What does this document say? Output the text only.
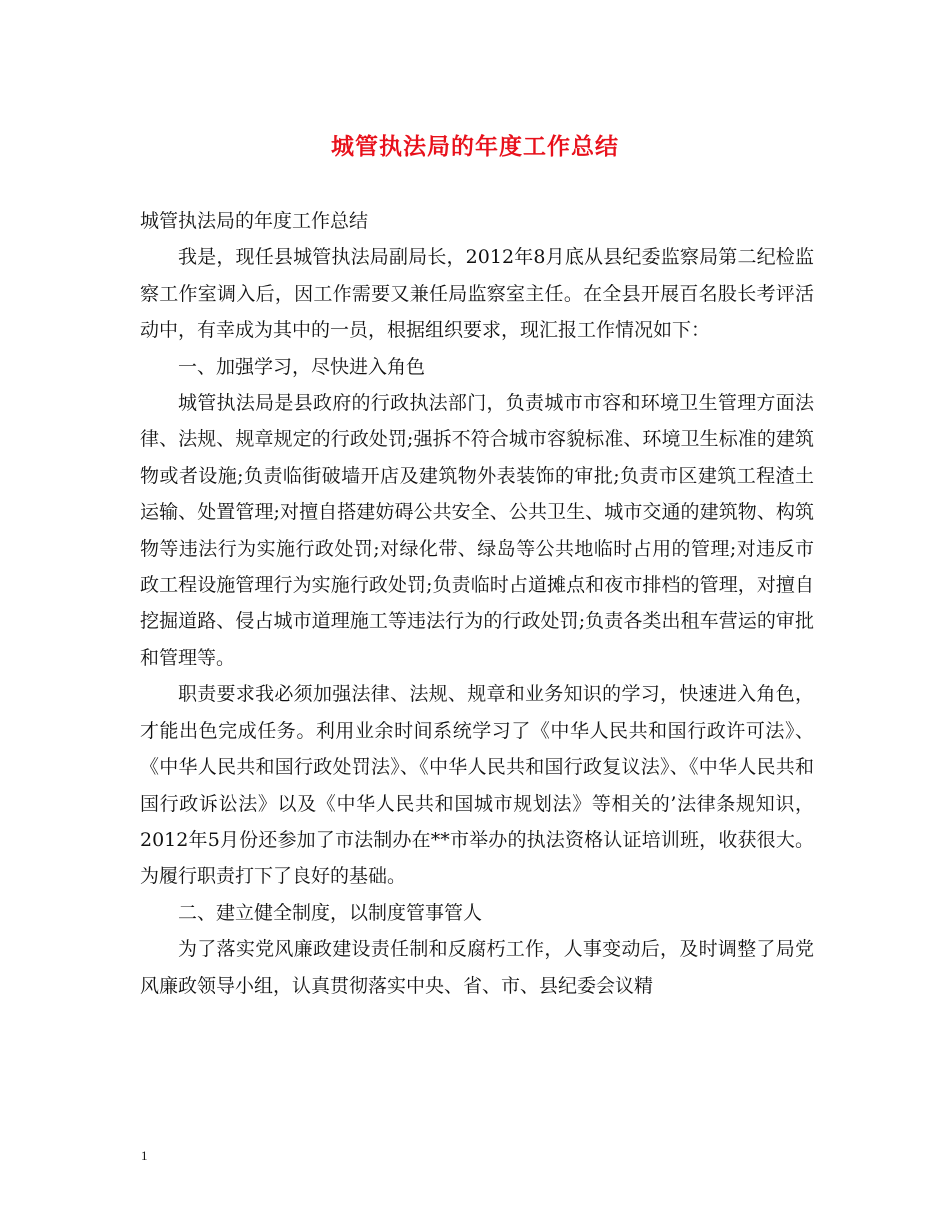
城管执法局的年度工作总结

城管执法局的年度工作总结

我是，现任县城管执法局副局长，2012年8月底从县纪委监察局第二纪检监察工作室调入后，因工作需要又兼任局监察室主任。在全县开展百名股长考评活动中，有幸成为其中的一员，根据组织要求，现汇报工作情况如下：

一、加强学习，尽快进入角色

城管执法局是县政府的行政执法部门，负责城市市容和环境卫生管理方面法律、法规、规章规定的行政处罚;强拆不符合城市容貌标准、环境卫生标准的建筑物或者设施;负责临街破墙开店及建筑物外表装饰的审批;负责市区建筑工程渣土运输、处置管理;对擅自搭建妨碍公共安全、公共卫生、城市交通的建筑物、构筑物等违法行为实施行政处罚;对绿化带、绿岛等公共地临时占用的管理;对违反市政工程设施管理行为实施行政处罚;负责临时占道摊点和夜市排档的管理，对擅自挖掘道路、侵占城市道理施工等违法行为的行政处罚;负责各类出租车营运的审批和管理等。

职责要求我必须加强法律、法规、规章和业务知识的学习，快速进入角色，才能出色完成任务。利用业余时间系统学习了《中华人民共和国行政许可法》、《中华人民共和国行政处罚法》、《中华人民共和国行政复议法》、《中华人民共和国行政诉讼法》以及《中华人民共和国城市规划法》等相关的’法律条规知识，2012年5月份还参加了市法制办在**市举办的执法资格认证培训班，收获很大。为履行职责打下了良好的基础。

二、建立健全制度，以制度管事管人

为了落实党风廉政建设责任制和反腐朽工作，人事变动后，及时调整了局党风廉政领导小组，认真贯彻落实中央、省、市、县纪委会议精

1
